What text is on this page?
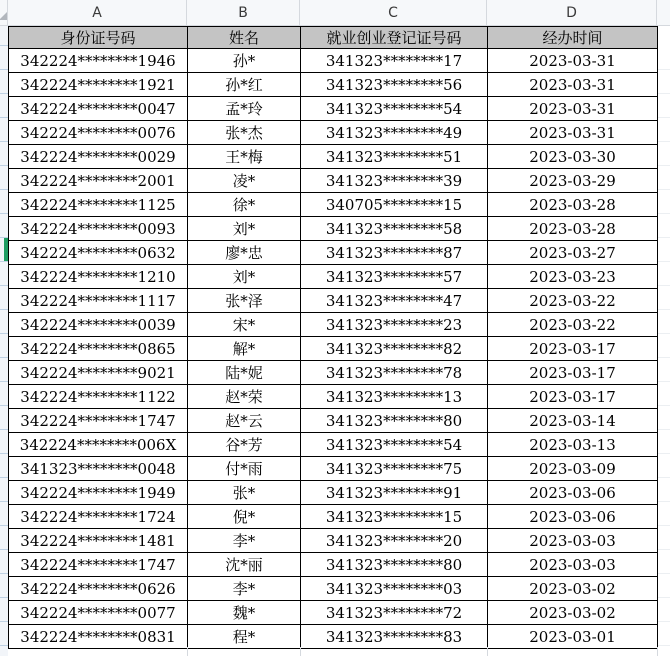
A	B	C	D
身份证号码	姓名	就业创业登记证号码	经办时间
342224********1946	孙*	341323********17	2023-03-31
342224********1921	孙*红	341323********56	2023-03-31
342224********0047	孟*玲	341323********54	2023-03-31
342224********0076	张*杰	341323********49	2023-03-31
342224********0029	王*梅	341323********51	2023-03-30
342224********2001	凌*	341323********39	2023-03-29
342224********1125	徐*	340705********15	2023-03-28
342224********0093	刘*	341323********58	2023-03-28
342224********0632	廖*忠	341323********87	2023-03-27
342224********1210	刘*	341323********57	2023-03-23
342224********1117	张*泽	341323********47	2023-03-22
342224********0039	宋*	341323********23	2023-03-22
342224********0865	解*	341323********82	2023-03-17
342224********9021	陆*妮	341323********78	2023-03-17
342224********1122	赵*荣	341323********13	2023-03-17
342224********1747	赵*云	341323********80	2023-03-14
342224********006X	谷*芳	341323********54	2023-03-13
341323********0048	付*雨	341323********75	2023-03-09
342224********1949	张*	341323********91	2023-03-06
342224********1724	倪*	341323********15	2023-03-06
342224********1481	李*	341323********20	2023-03-03
342224********1747	沈*丽	341323********80	2023-03-03
342224********0626	李*	341323********03	2023-03-02
342224********0077	魏*	341323********72	2023-03-02
342224********0831	程*	341323********83	2023-03-01
